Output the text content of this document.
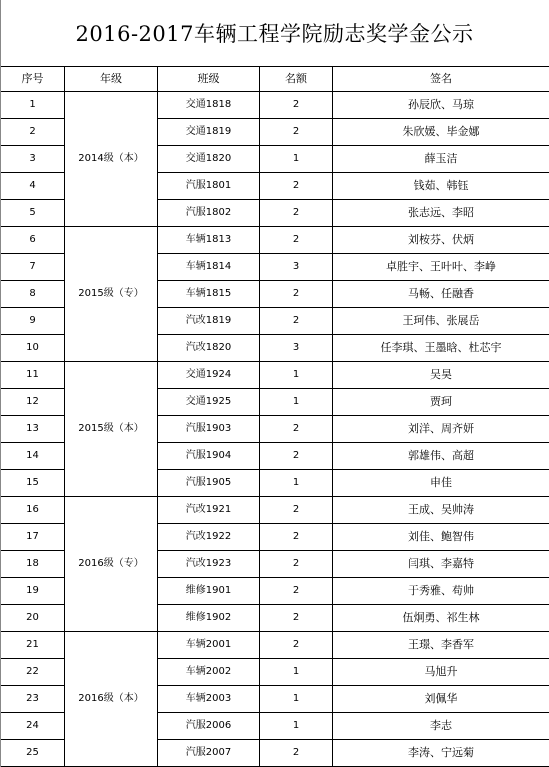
2016-2017车辆工程学院励志奖学金公示
序号	年级	班级	名额	签名
1	2014级（本）	交通1818	2	孙辰欣、马琼
2		交通1819	2	朱欣媛、毕金娜
3		交通1820	1	薛玉洁
4		汽服1801	2	钱茹、韩钰
5		汽服1802	2	张志远、李昭
6	2015级（专）	车辆1813	2	刘桉芬、伏炳
7		车辆1814	3	卓胜宇、王叶叶、李峥
8		车辆1815	2	马畅、任融香
9		汽改1819	2	王珂伟、张展岳
10		汽改1820	3	任李琪、王墨晗、杜芯宇
11	2015级（本）	交通1924	1	吴昊
12		交通1925	1	贾珂
13		汽服1903	2	刘洋、周齐妍
14		汽服1904	2	郭雄伟、高超
15		汽服1905	1	申佳
16	2016级（专）	汽改1921	2	王成、吴帅涛
17		汽改1922	2	刘佳、鲍智伟
18		汽改1923	2	闫琪、李嘉特
19		维修1901	2	于秀雅、苟帅
20		维修1902	2	伍炯勇、祁生林
21	2016级（本）	车辆2001	2	王璟、李香军
22		车辆2002	1	马旭升
23		车辆2003	1	刘佩华
24		汽服2006	1	李志
25		汽服2007	2	李涛、宁远菊
